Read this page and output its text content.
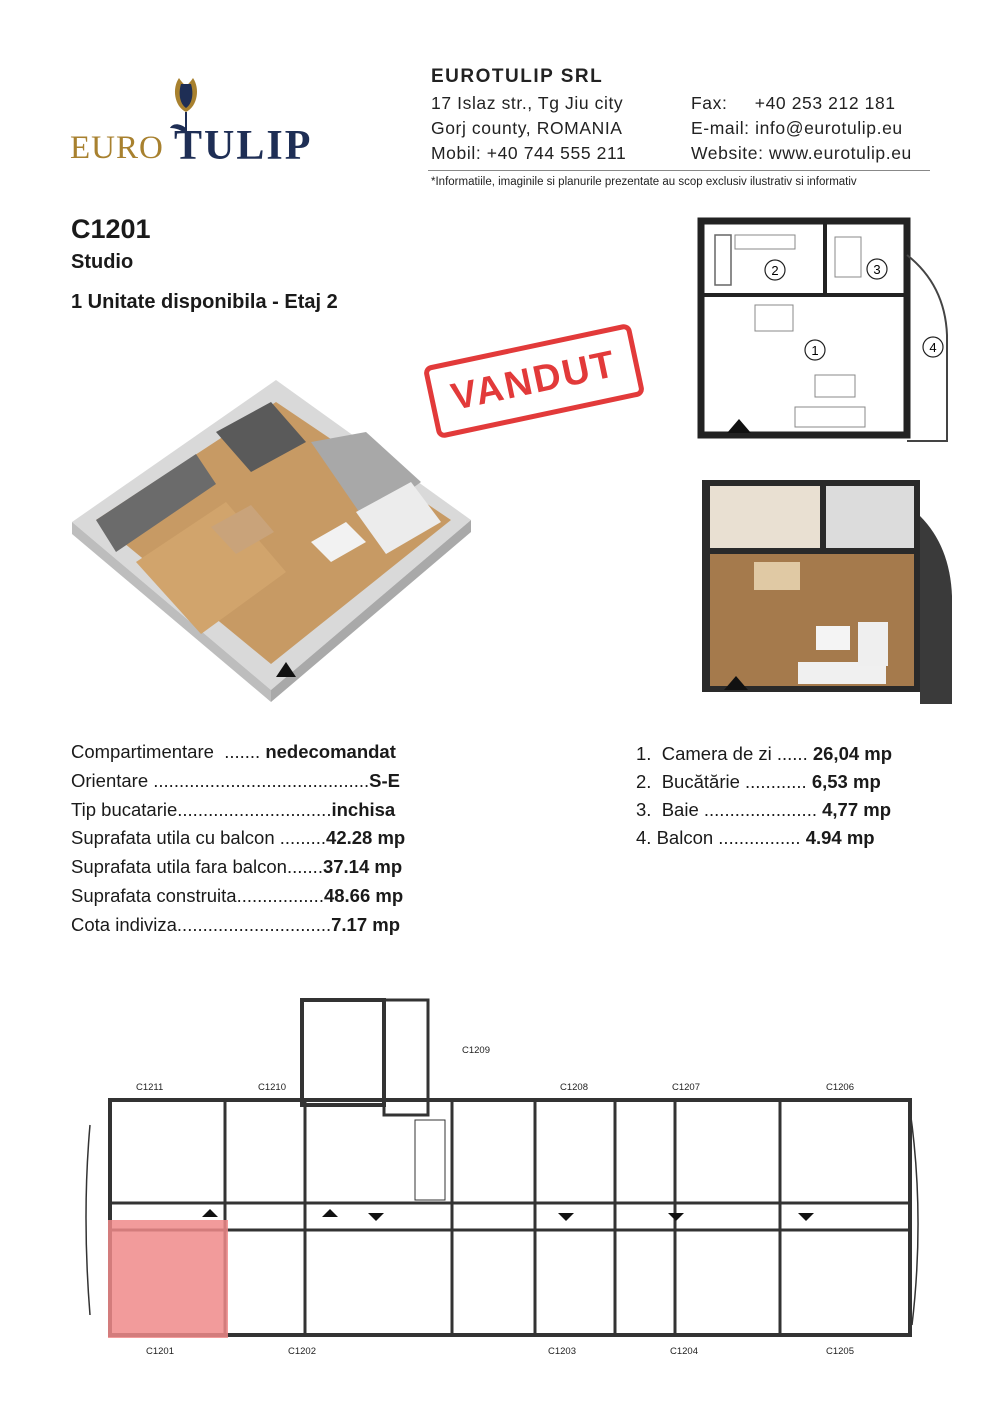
EURO TULIP
EUROTULIP SRL
17 Islaz str., Tg Jiu city
Gorj county, ROMANIA
Mobil: +40 744 555 211
Fax:     +40 253 212 181
E-mail: info@eurotulip.eu
Website: www.eurotulip.eu
*Informatiile, imaginile si planurile prezentate au scop exclusiv ilustrativ si informativ
C1201
Studio
1 Unitate disponibila - Etaj 2
VANDUT
2	3
1	4
Compartimentare  ....... nedecomandat
Orientare ..........................................S-E
Tip bucatarie..............................inchisa
Suprafata utila cu balcon .........42.28 mp
Suprafata utila fara balcon.......37.14 mp
Suprafata construita.................48.66 mp
Cota indiviza..............................7.17 mp
1. Camera de zi ...... 26,04 mp
2. Bucătărie ............ 6,53 mp
3. Baie ...................... 4,77 mp
4. Balcon ................ 4.94 mp
C1211	C1210
C1209
C1208	C1207	C1206
C1201	C1202	C1203	C1204	C1205
